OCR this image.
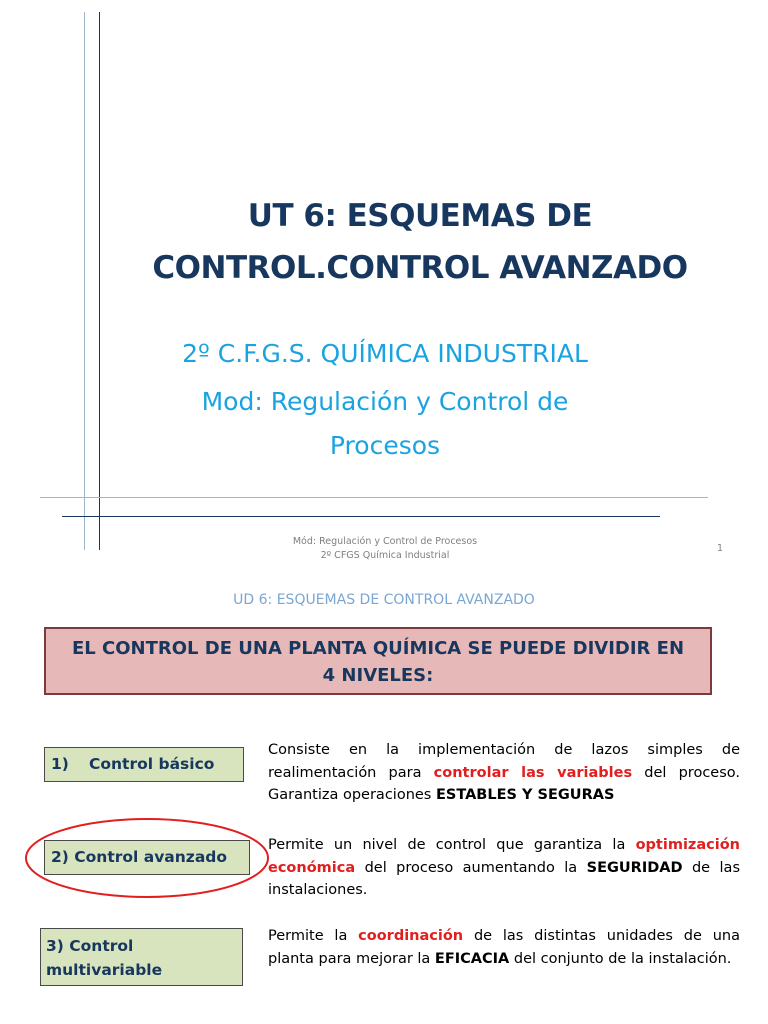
UT 6: ESQUEMAS DE
CONTROL.CONTROL AVANZADO
2º C.F.G.S. QUÍMICA INDUSTRIAL
Mod: Regulación y Control de
Procesos
Mód: Regulación y Control de Procesos
2º CFGS Química Industrial
1
UD 6: ESQUEMAS DE CONTROL AVANZADO
EL CONTROL DE UNA PLANTA QUÍMICA SE PUEDE DIVIDIR EN
4 NIVELES:
1) Control básico
Consiste en la implementación de lazos simples de realimentación para controlar las variables del proceso. Garantiza operaciones ESTABLES Y SEGURAS
2) Control avanzado
Permite un nivel de control que garantiza la optimización económica del proceso aumentando la SEGURIDAD de las instalaciones.
3) Control
multivariable
Permite la coordinación de las distintas unidades de una planta para mejorar la EFICACIA del conjunto de la instalación.
